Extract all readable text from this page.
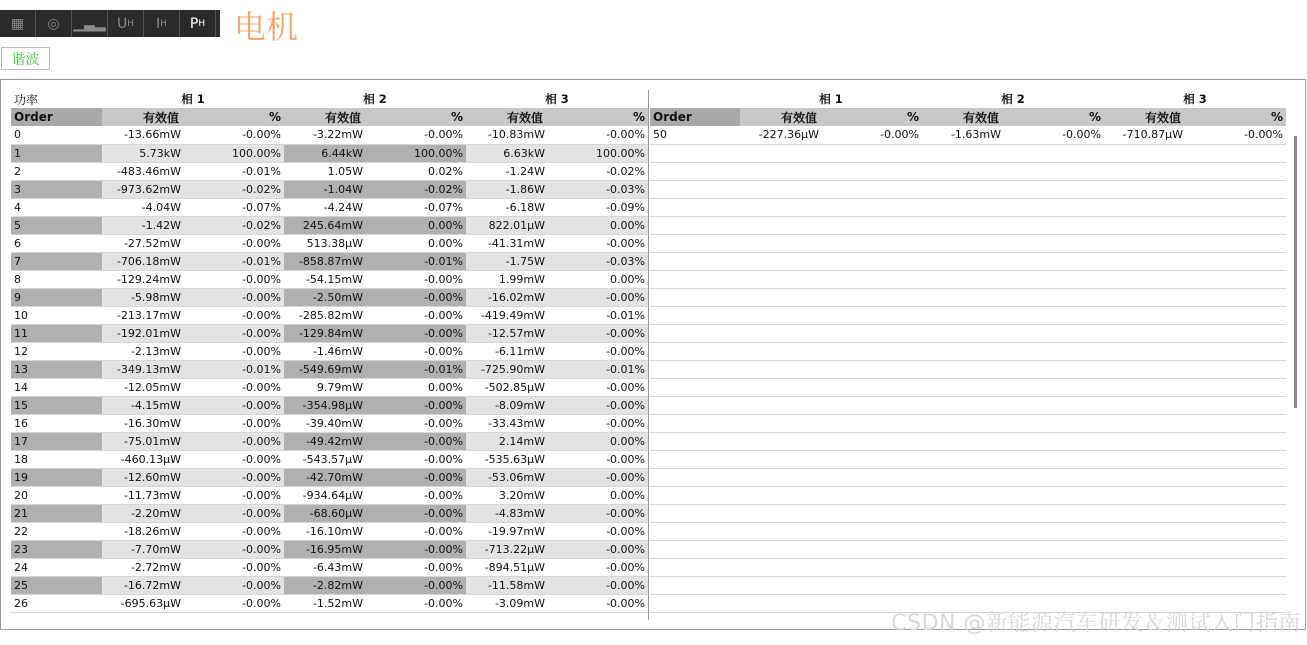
▦ ◎ ▁▃▂ U H I H P H 电机
谐波
功率	相 1		相 2		相 3	
Order	有效值	%	有效值	%	有效值	%
0	-13.66mW	-0.00%	-3.22mW	-0.00%	-10.83mW	-0.00%
1	5.73kW	100.00%	6.44kW	100.00%	6.63kW	100.00%
2	-483.46mW	-0.01%	1.05W	0.02%	-1.24W	-0.02%
3	-973.62mW	-0.02%	-1.04W	-0.02%	-1.86W	-0.03%
4	-4.04W	-0.07%	-4.24W	-0.07%	-6.18W	-0.09%
5	-1.42W	-0.02%	245.64mW	0.00%	822.01µW	0.00%
6	-27.52mW	-0.00%	513.38µW	0.00%	-41.31mW	-0.00%
7	-706.18mW	-0.01%	-858.87mW	-0.01%	-1.75W	-0.03%
8	-129.24mW	-0.00%	-54.15mW	-0.00%	1.99mW	0.00%
9	-5.98mW	-0.00%	-2.50mW	-0.00%	-16.02mW	-0.00%
10	-213.17mW	-0.00%	-285.82mW	-0.00%	-419.49mW	-0.01%
11	-192.01mW	-0.00%	-129.84mW	-0.00%	-12.57mW	-0.00%
12	-2.13mW	-0.00%	-1.46mW	-0.00%	-6.11mW	-0.00%
13	-349.13mW	-0.01%	-549.69mW	-0.01%	-725.90mW	-0.01%
14	-12.05mW	-0.00%	9.79mW	0.00%	-502.85µW	-0.00%
15	-4.15mW	-0.00%	-354.98µW	-0.00%	-8.09mW	-0.00%
16	-16.30mW	-0.00%	-39.40mW	-0.00%	-33.43mW	-0.00%
17	-75.01mW	-0.00%	-49.42mW	-0.00%	2.14mW	0.00%
18	-460.13µW	-0.00%	-543.57µW	-0.00%	-535.63µW	-0.00%
19	-12.60mW	-0.00%	-42.70mW	-0.00%	-53.06mW	-0.00%
20	-11.73mW	-0.00%	-934.64µW	-0.00%	3.20mW	0.00%
21	-2.20mW	-0.00%	-68.60µW	-0.00%	-4.83mW	-0.00%
22	-18.26mW	-0.00%	-16.10mW	-0.00%	-19.97mW	-0.00%
23	-7.70mW	-0.00%	-16.95mW	-0.00%	-713.22µW	-0.00%
24	-2.72mW	-0.00%	-6.43mW	-0.00%	-894.51µW	-0.00%
25	-16.72mW	-0.00%	-2.82mW	-0.00%	-11.58mW	-0.00%
26	-695.63µW	-0.00%	-1.52mW	-0.00%	-3.09mW	-0.00%
	相 1		相 2		相 3	
Order	有效值	%	有效值	%	有效值	%
50	-227.36µW	-0.00%	-1.63mW	-0.00%	-710.87µW	-0.00%

CSDN @新能源汽车研发＆测试入门指南
